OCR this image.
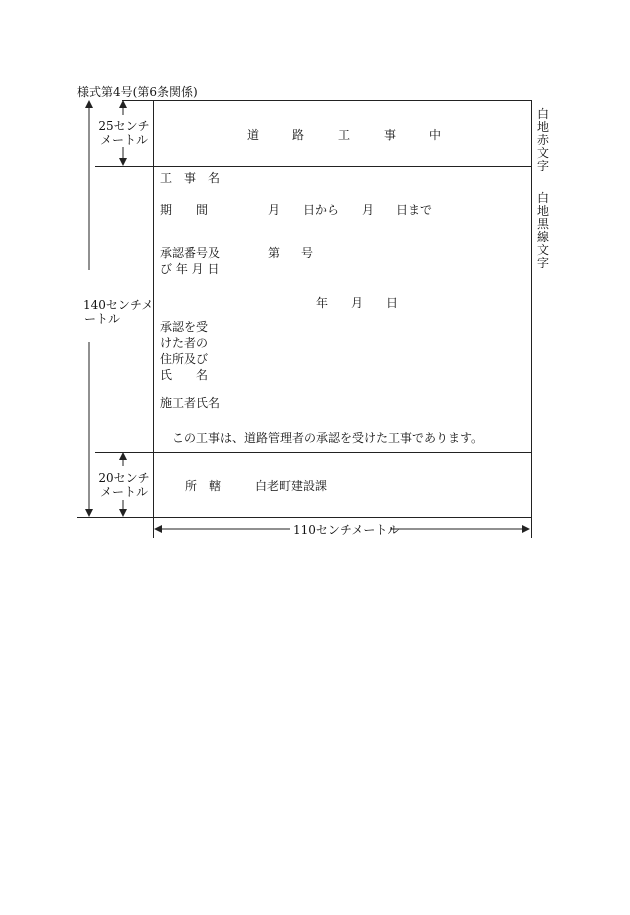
様式第4号(第6条関係)
25センチ
メートル
140センチメ
ートル
20センチ
メートル
110センチメートル
道	路	工	事	中
白地赤文字
白地黒線文字
工　事　名
期　　間	月 日から 月 日まで
承認番号及
び 年 月 日
第 号
年 月 日
承認を受
けた者の
住所及び
氏　　名
施工者氏名
この工事は、道路管理者の承認を受けた工事であります。
所　轄	白老町建設課
